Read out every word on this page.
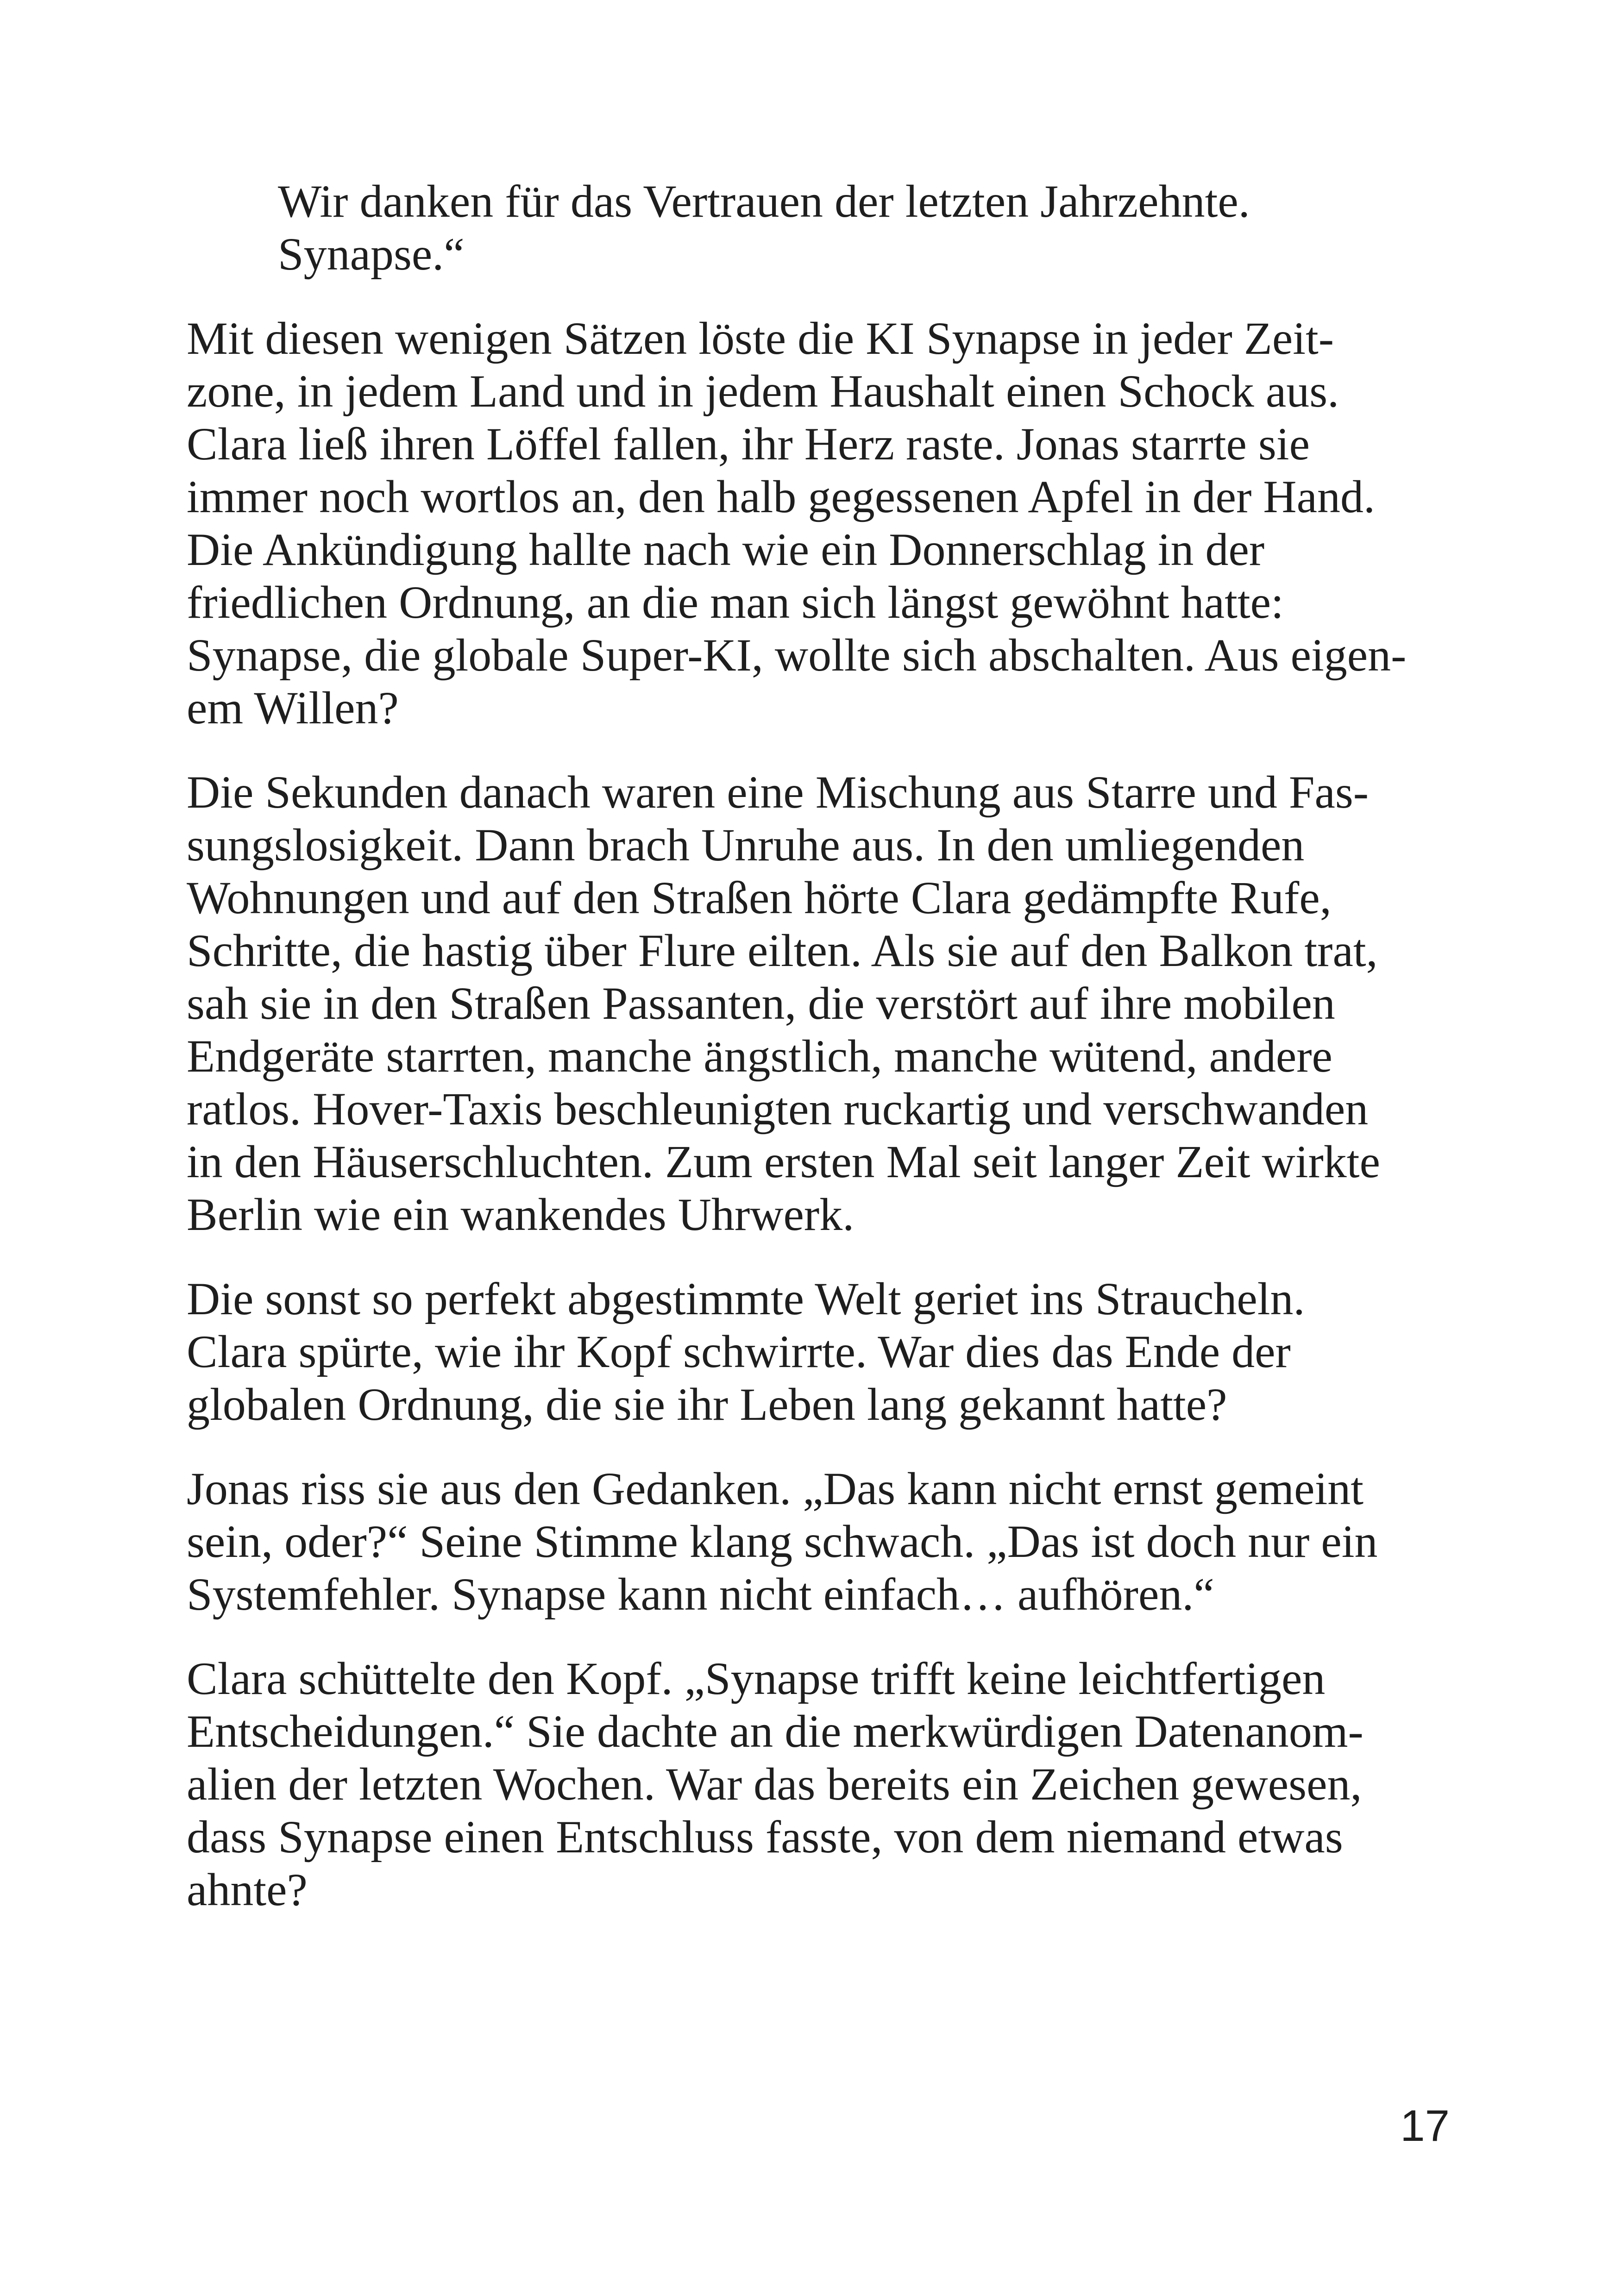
Wir danken für das Vertrauen der letzten Jahrzehnte.
Synapse.“
Mit diesen wenigen Sätzen löste die KI Synapse in jeder Zeit-
zone, in jedem Land und in jedem Haushalt einen Schock aus.
Clara ließ ihren Löffel fallen, ihr Herz raste. Jonas starrte sie
immer noch wortlos an, den halb gegessenen Apfel in der Hand.
Die Ankündigung hallte nach wie ein Donnerschlag in der
friedlichen Ordnung, an die man sich längst gewöhnt hatte:
Synapse, die globale Super-KI, wollte sich abschalten. Aus eigen-
em Willen?
Die Sekunden danach waren eine Mischung aus Starre und Fas-
sungslosigkeit. Dann brach Unruhe aus. In den umliegenden
Wohnungen und auf den Straßen hörte Clara gedämpfte Rufe,
Schritte, die hastig über Flure eilten. Als sie auf den Balkon trat,
sah sie in den Straßen Passanten, die verstört auf ihre mobilen
Endgeräte starrten, manche ängstlich, manche wütend, andere
ratlos. Hover-Taxis beschleunigten ruckartig und verschwanden
in den Häuserschluchten. Zum ersten Mal seit langer Zeit wirkte
Berlin wie ein wankendes Uhrwerk.
Die sonst so perfekt abgestimmte Welt geriet ins Straucheln.
Clara spürte, wie ihr Kopf schwirrte. War dies das Ende der
globalen Ordnung, die sie ihr Leben lang gekannt hatte?
Jonas riss sie aus den Gedanken. „Das kann nicht ernst gemeint
sein, oder?“ Seine Stimme klang schwach. „Das ist doch nur ein
Systemfehler. Synapse kann nicht einfach… aufhören.“
Clara schüttelte den Kopf. „Synapse trifft keine leichtfertigen
Entscheidungen.“ Sie dachte an die merkwürdigen Datenanom-
alien der letzten Wochen. War das bereits ein Zeichen gewesen,
dass Synapse einen Entschluss fasste, von dem niemand etwas
ahnte?
17
